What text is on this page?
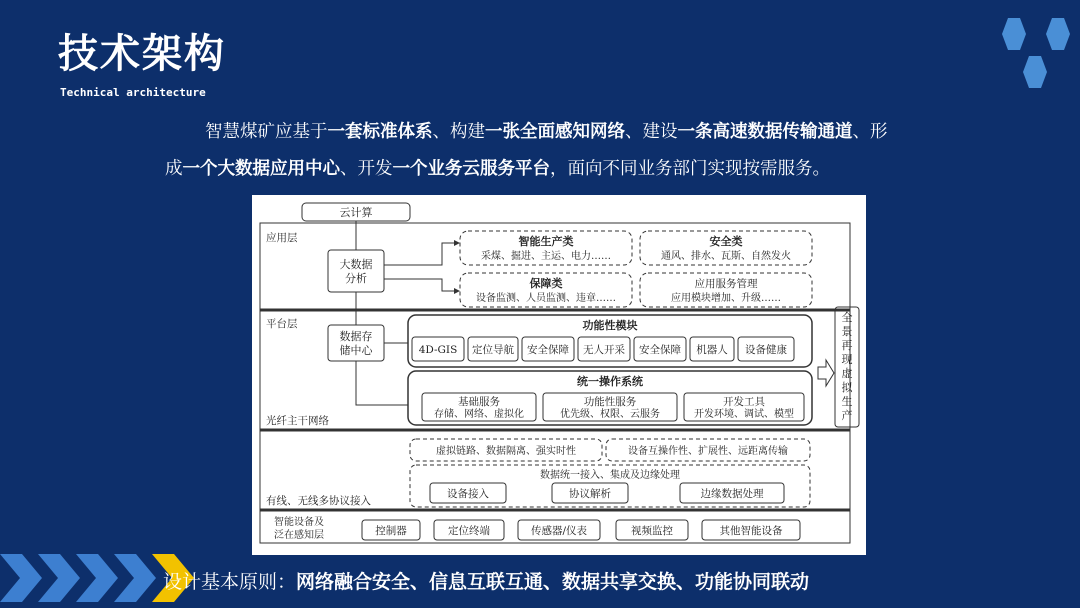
技术架构
Technical architecture
智慧煤矿应基于一套标准体系、构建一张全面感知网络、建设一条高速数据传输通道、形
成一个大数据应用中心、开发一个业务云服务平台，面向不同业务部门实现按需服务。
云计算
应用层
平台层
光纤主干网络
有线、无线多协议接入
智能设备及
泛在感知层
大数据
分析
智能生产类
采煤、掘进、主运、电力……
安全类
通风、排水、瓦斯、自然发火
保障类
设备监测、人员监测、违章……
应用服务管理
应用模块增加、升级……
数据存
储中心
功能性模块
4D-GIS 定位导航 安全保障 无人开采 安全保障 机器人 设备健康
统一操作系统
基础服务
存储、网络、虚拟化
功能性服务
优先级、权限、云服务
开发工具
开发环境、调试、模型
虚拟链路、数据隔离、强实时性	设备互操作性、扩展性、远距离传输
数据统一接入、集成及边缘处理
设备接入	协议解析	边缘数据处理
控制器	定位终端	传感器/仪表	视频监控	其他智能设备
全
景
再
现
虚
拟
生
产
设计基本原则：网络融合安全、信息互联互通、数据共享交换、功能协同联动
